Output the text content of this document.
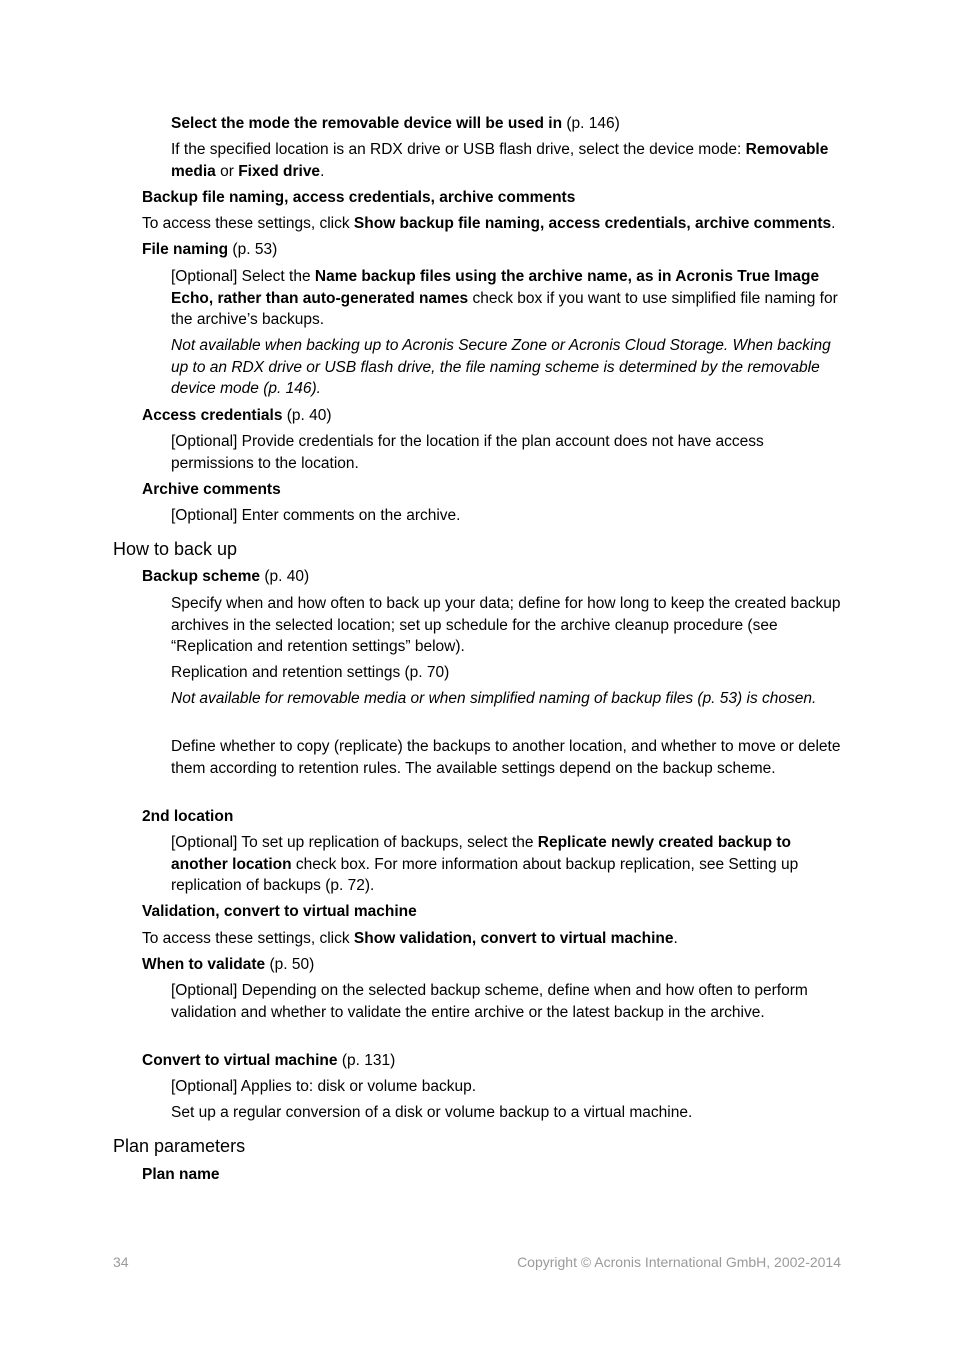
Select the mode the removable device will be used in (p. 146)

If the specified location is an RDX drive or USB flash drive, select the device mode: Removable media or Fixed drive.

Backup file naming, access credentials, archive comments

To access these settings, click Show backup file naming, access credentials, archive comments.

File naming (p. 53)

[Optional] Select the Name backup files using the archive name, as in Acronis True Image Echo, rather than auto-generated names check box if you want to use simplified file naming for the archive’s backups.

Not available when backing up to Acronis Secure Zone or Acronis Cloud Storage. When backing up to an RDX drive or USB flash drive, the file naming scheme is determined by the removable device mode (p. 146).

Access credentials (p. 40)

[Optional] Provide credentials for the location if the plan account does not have access permissions to the location.

Archive comments

[Optional] Enter comments on the archive.

How to back up

Backup scheme (p. 40)

Specify when and how often to back up your data; define for how long to keep the created backup archives in the selected location; set up schedule for the archive cleanup procedure (see “Replication and retention settings” below).

Replication and retention settings (p. 70)

Not available for removable media or when simplified naming of backup files (p. 53) is chosen.

Define whether to copy (replicate) the backups to another location, and whether to move or delete them according to retention rules. The available settings depend on the backup scheme.

2nd location

[Optional] To set up replication of backups, select the Replicate newly created backup to another location check box. For more information about backup replication, see Setting up replication of backups (p. 72).

Validation, convert to virtual machine

To access these settings, click Show validation, convert to virtual machine.

When to validate (p. 50)

[Optional] Depending on the selected backup scheme, define when and how often to perform validation and whether to validate the entire archive or the latest backup in the archive.

Convert to virtual machine (p. 131)

[Optional] Applies to: disk or volume backup.

Set up a regular conversion of a disk or volume backup to a virtual machine.

Plan parameters

Plan name

34	Copyright © Acronis International GmbH, 2002-2014
